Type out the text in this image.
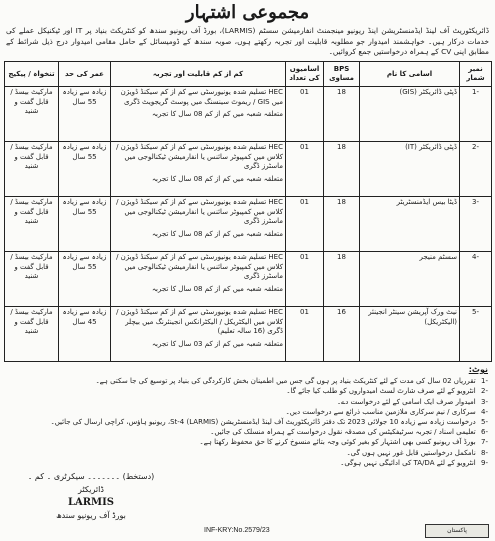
مجموعی اشتہار

ڈائریکٹوریٹ آف لینڈ ایڈمنسٹریشن اینڈ ریونیو مینجمنٹ انفارمیشن سسٹم (LARMIS)، بورڈ آف ریونیو سندھ کو کنٹریکٹ بنیاد پر IT اور ٹیکنیکل عملے کی خدمات درکار ہیں۔ خواہشمند امیدوار جو مطلوبہ قابلیت اور تجربہ رکھتے ہوں، صوبہ سندھ کے ڈومیسائل کے حامل مقامی امیدوار درج ذیل شرائط کے مطابق اپنی CV کے ہمراہ درخواستیں جمع کروائیں۔

نمبر شمار	اسامی کا نام	BPS مساوی	اسامیوں کی تعداد	کم از کم قابلیت اور تجربہ	عمر کی حد	تنخواہ / پیکیج
-1	ڈپٹی ڈائریکٹر (GIS)	18	01	HEC تسلیم شدہ یونیورسٹی سے کم از کم سیکنڈ ڈویژن میں GIS / ریموٹ سینسنگ میں پوسٹ گریجویٹ ڈگری
متعلقہ شعبہ میں کم از کم 08 سال کا تجربہ	زیادہ سے زیادہ 55 سال	مارکیٹ بیسڈ / قابل گفت و شنید
-2	ڈپٹی ڈائریکٹر (IT)	18	01	HEC تسلیم شدہ یونیورسٹی سے کم از کم سیکنڈ ڈویژن / کلاس میں کمپیوٹر سائنس یا انفارمیشن ٹیکنالوجی میں ماسٹرز ڈگری
متعلقہ شعبہ میں کم از کم 08 سال کا تجربہ	زیادہ سے زیادہ 55 سال	مارکیٹ بیسڈ / قابل گفت و شنید
-3	ڈیٹا بیس ایڈمنسٹریٹر	18	01	HEC تسلیم شدہ یونیورسٹی سے کم از کم سیکنڈ ڈویژن / کلاس میں کمپیوٹر سائنس یا انفارمیشن ٹیکنالوجی میں ماسٹرز ڈگری
متعلقہ شعبہ میں کم از کم 08 سال کا تجربہ	زیادہ سے زیادہ 55 سال	مارکیٹ بیسڈ / قابل گفت و شنید
-4	سسٹم منیجر	18	01	HEC تسلیم شدہ یونیورسٹی سے کم از کم سیکنڈ ڈویژن / کلاس میں کمپیوٹر سائنس یا انفارمیشن ٹیکنالوجی میں ماسٹرز ڈگری
متعلقہ شعبہ میں کم از کم 08 سال کا تجربہ	زیادہ سے زیادہ 55 سال	مارکیٹ بیسڈ / قابل گفت و شنید
-5	نیٹ ورک آپریشن سینٹر انجینئر (الیکٹریکل)	16	01	HEC تسلیم شدہ یونیورسٹی سے کم از کم سیکنڈ ڈویژن / کلاس میں الیکٹریکل / الیکٹرانکس انجینئرنگ میں بیچلر ڈگری (16 سالہ تعلیم)
متعلقہ شعبہ میں کم از کم 03 سال کا تجربہ	زیادہ سے زیادہ 45 سال	مارکیٹ بیسڈ / قابل گفت و شنید
نوٹ:
-1 تقرریاں 02 سال کی مدت کے لئے کنٹریکٹ بنیاد پر ہوں گی جس میں اطمینان بخش کارکردگی کی بنیاد پر توسیع کی جا سکتی ہے۔
-2 انٹرویو کے لئے صرف شارٹ لسٹ امیدواروں کو طلب کیا جائے گا۔
-3 امیدوار صرف ایک اسامی کے لئے درخواست دے۔
-4 سرکاری / نیم سرکاری ملازمین مناسب ذرائع سے درخواست دیں۔
-5 درخواست زیادہ سے زیادہ 10 جولائی 2023 تک دفتر ڈائریکٹوریٹ آف لینڈ ایڈمنسٹریشن (LARMIS) St-4، ریونیو ہاؤس، کراچی ارسال کی جائیں۔
-6 تعلیمی اسناد / تجربہ سرٹیفکیٹس کی مصدقہ نقول درخواست کے ہمراہ منسلک کی جائیں۔
-7 بورڈ آف ریونیو کسی بھی اشتہار کو بغیر کوئی وجہ بتائے منسوخ کرنے کا حق محفوظ رکھتا ہے۔
-8 نامکمل درخواستیں قابل غور نہیں ہوں گی۔
-9 انٹرویو کے لئے TA/DA کی ادائیگی نہیں ہوگی۔
(دستخط) ۔۔۔۔۔۔۔ سیکرٹری ۔ کم ۔ ڈائریکٹر
LARMIS
بورڈ آف ریونیو سندھ
INF-KRY:No.2579/23	پاکستان
